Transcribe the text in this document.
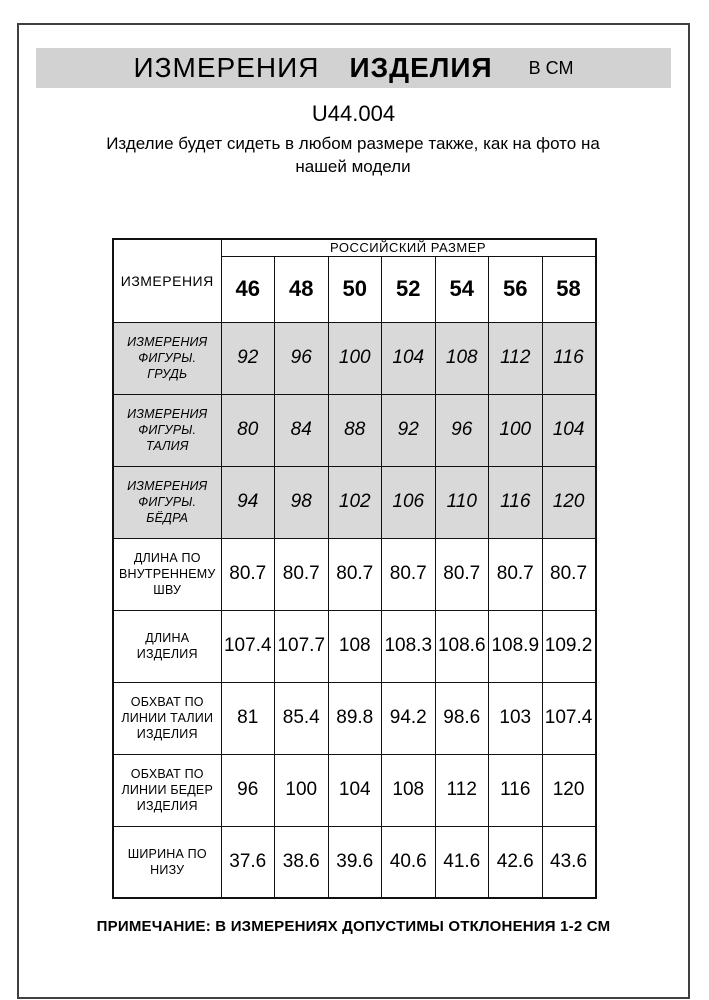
ИЗМЕРЕНИЯ ИЗДЕЛИЯ В СМ
U44.004
Изделие будет сидеть в любом размере также, как на фото на нашей модели
ИЗМЕРЕНИЯ	РОССИЙСКИЙ РАЗМЕР						
	46	48	50	52	54	56	58
ИЗМЕРЕНИЯ ФИГУРЫ. ГРУДЬ	92	96	100	104	108	112	116
ИЗМЕРЕНИЯ ФИГУРЫ. ТАЛИЯ	80	84	88	92	96	100	104
ИЗМЕРЕНИЯ ФИГУРЫ. БЁДРА	94	98	102	106	110	116	120
ДЛИНА ПО ВНУТРЕННЕМУ ШВУ	80.7	80.7	80.7	80.7	80.7	80.7	80.7
ДЛИНА ИЗДЕЛИЯ	107.4	107.7	108	108.3	108.6	108.9	109.2
ОБХВАТ ПО ЛИНИИ ТАЛИИ ИЗДЕЛИЯ	81	85.4	89.8	94.2	98.6	103	107.4
ОБХВАТ ПО ЛИНИИ БЕДЕР ИЗДЕЛИЯ	96	100	104	108	112	116	120
ШИРИНА ПО НИЗУ	37.6	38.6	39.6	40.6	41.6	42.6	43.6
ПРИМЕЧАНИЕ: В ИЗМЕРЕНИЯХ ДОПУСТИМЫ ОТКЛОНЕНИЯ 1-2 СМ
